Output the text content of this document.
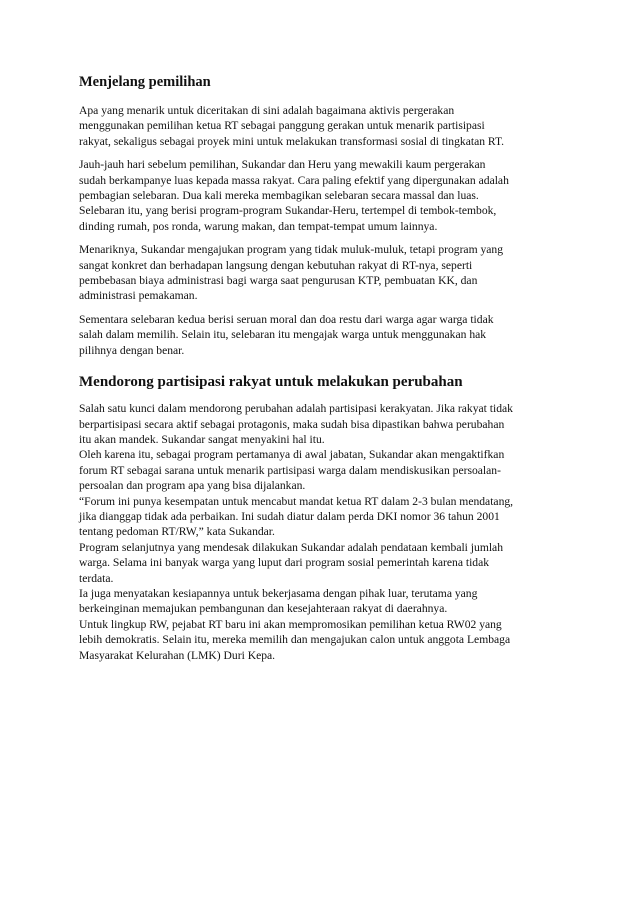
Menjelang pemilihan
Apa yang menarik untuk diceritakan di sini adalah bagaimana aktivis pergerakan
menggunakan pemilihan ketua RT sebagai panggung gerakan untuk menarik partisipasi
rakyat, sekaligus sebagai proyek mini untuk melakukan transformasi sosial di tingkatan RT.
Jauh-jauh hari sebelum pemilihan, Sukandar dan Heru yang mewakili kaum pergerakan
sudah berkampanye luas kepada massa rakyat. Cara paling efektif yang dipergunakan adalah
pembagian selebaran. Dua kali mereka membagikan selebaran secara massal dan luas.
Selebaran itu, yang berisi program-program Sukandar-Heru, tertempel di tembok-tembok,
dinding rumah, pos ronda, warung makan, dan tempat-tempat umum lainnya.
Menariknya, Sukandar mengajukan program yang tidak muluk-muluk, tetapi program yang
sangat konkret dan berhadapan langsung dengan kebutuhan rakyat di RT-nya, seperti
pembebasan biaya administrasi bagi warga saat pengurusan KTP, pembuatan KK, dan
administrasi pemakaman.
Sementara selebaran kedua berisi seruan moral dan doa restu dari warga agar warga tidak
salah dalam memilih. Selain itu, selebaran itu mengajak warga untuk menggunakan hak
pilihnya dengan benar.
Mendorong partisipasi rakyat untuk melakukan perubahan
Salah satu kunci dalam mendorong perubahan adalah partisipasi kerakyatan. Jika rakyat tidak
berpartisipasi secara aktif sebagai protagonis, maka sudah bisa dipastikan bahwa perubahan
itu akan mandek. Sukandar sangat menyakini hal itu.
Oleh karena itu, sebagai program pertamanya di awal jabatan, Sukandar akan mengaktifkan
forum RT sebagai sarana untuk menarik partisipasi warga dalam mendiskusikan persoalan-
persoalan dan program apa yang bisa dijalankan.
“Forum ini punya kesempatan untuk mencabut mandat ketua RT dalam 2-3 bulan mendatang,
jika dianggap tidak ada perbaikan. Ini sudah diatur dalam perda DKI nomor 36 tahun 2001
tentang pedoman RT/RW,” kata Sukandar.
Program selanjutnya yang mendesak dilakukan Sukandar adalah pendataan kembali jumlah
warga. Selama ini banyak warga yang luput dari program sosial pemerintah karena tidak
terdata.
Ia juga menyatakan kesiapannya untuk bekerjasama dengan pihak luar, terutama yang
berkeinginan memajukan pembangunan dan kesejahteraan rakyat di daerahnya.
Untuk lingkup RW, pejabat RT baru ini akan mempromosikan pemilihan ketua RW02 yang
lebih demokratis. Selain itu, mereka memilih dan mengajukan calon untuk anggota Lembaga
Masyarakat Kelurahan (LMK) Duri Kepa.
